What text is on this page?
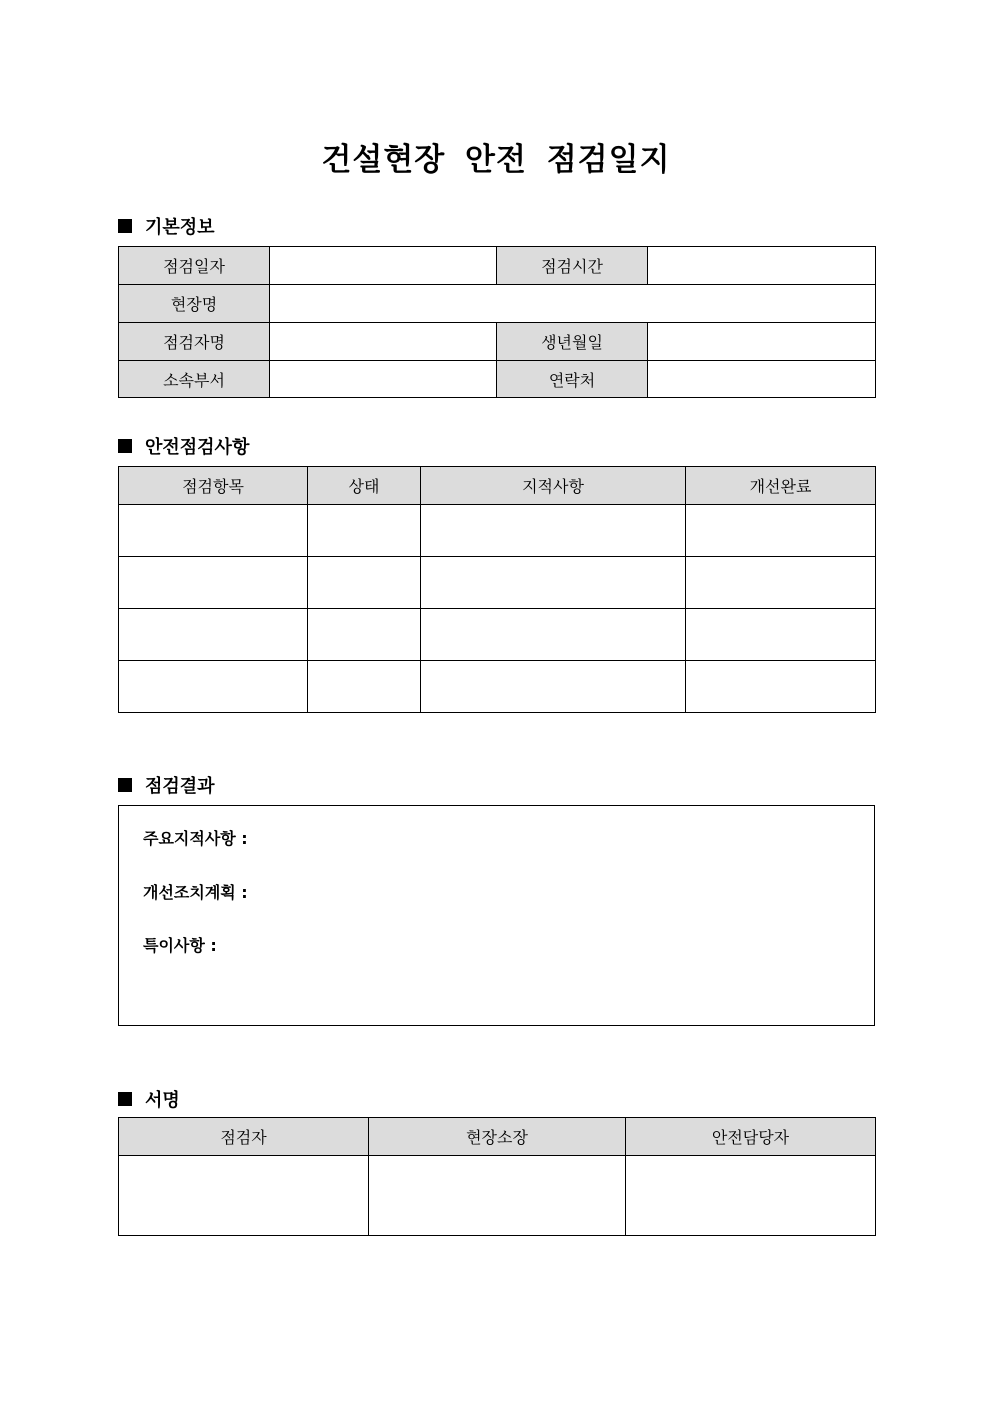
건설현장 안전 점검일지
기본정보
점검일자		점검시간	
현장명			
점검자명		생년월일	
소속부서		연락처	
안전점검사항
점검항목	상태	지적사항	개선완료

점검결과
주요지적사항 :
개선조치계획 :
특이사항 :
서명
점검자	현장소장	안전담당자
